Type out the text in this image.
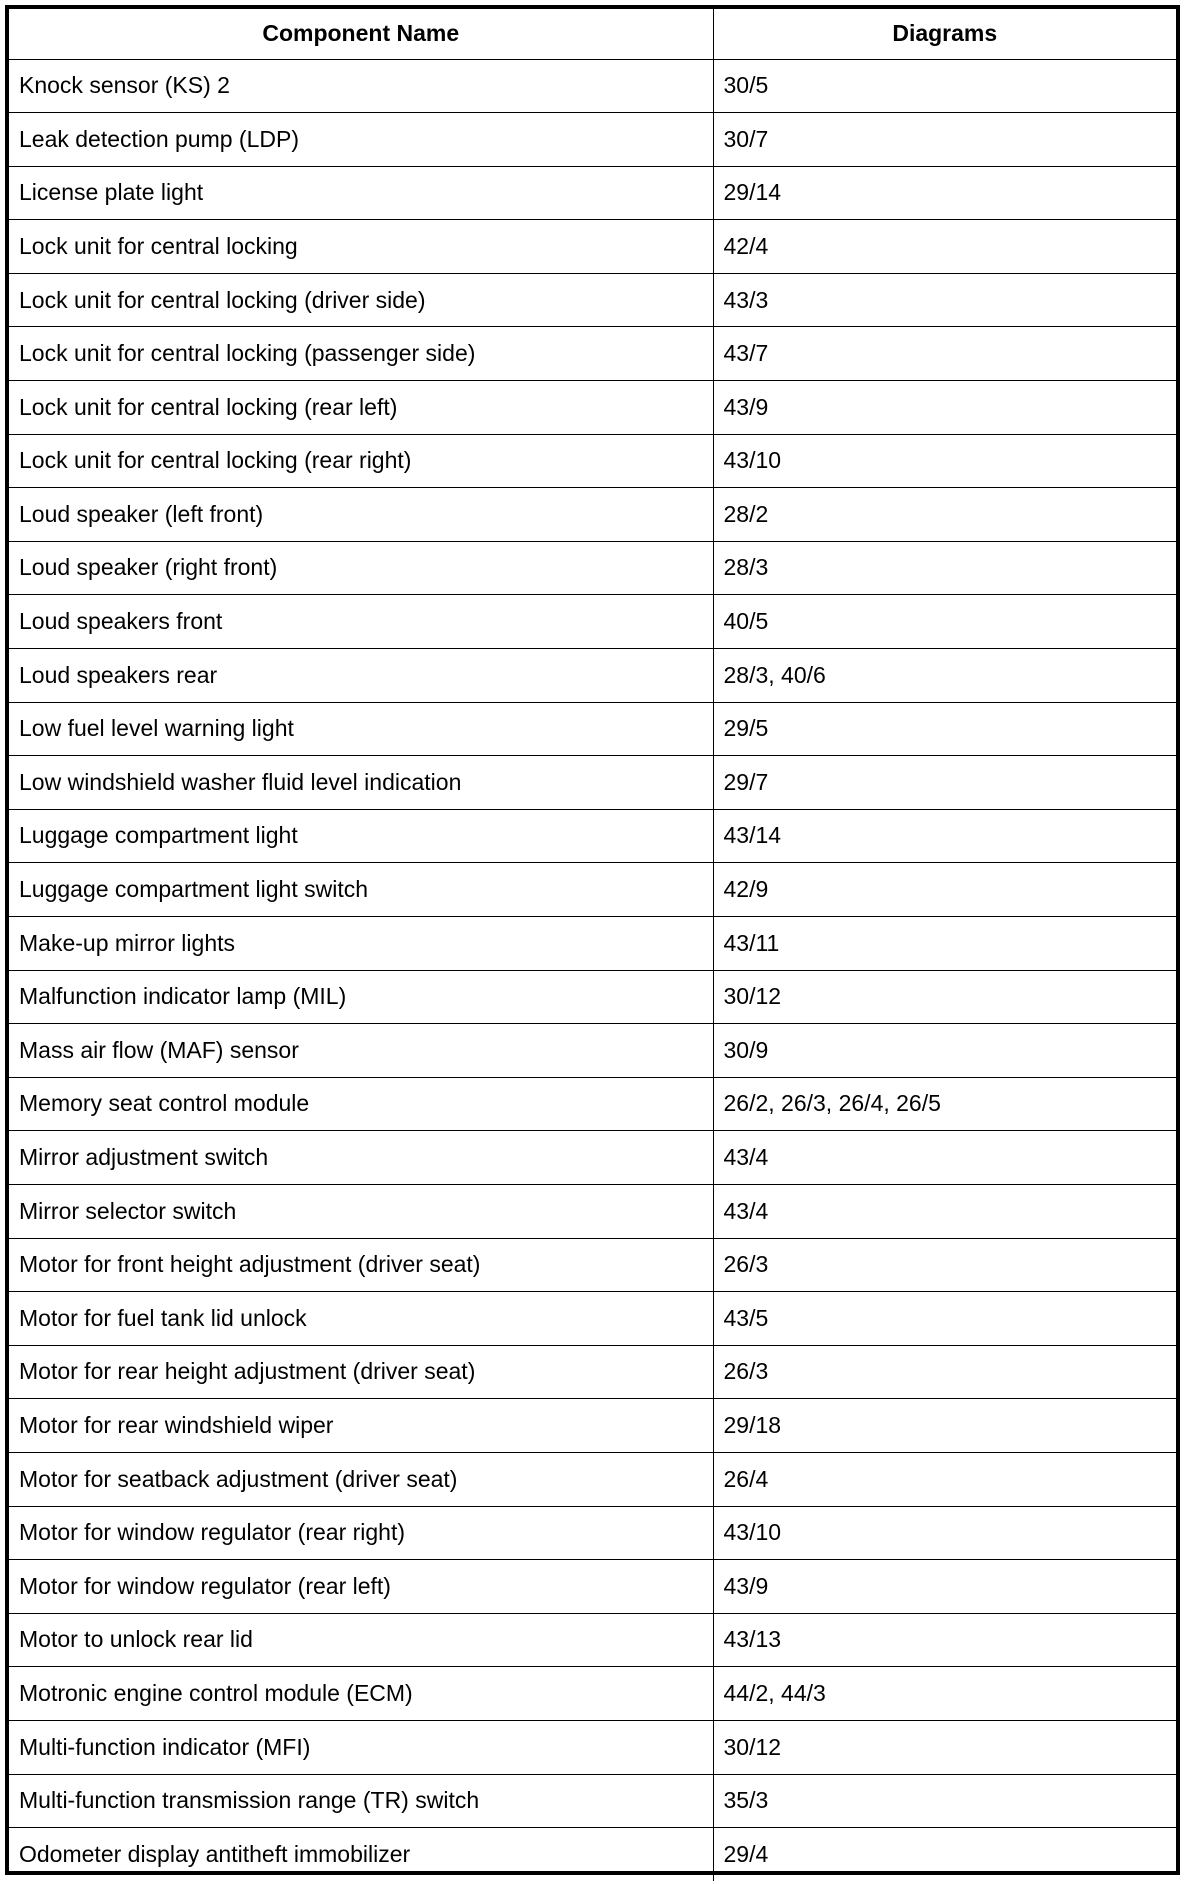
Component Name	Diagrams
Knock sensor (KS) 2	30/5
Leak detection pump (LDP)	30/7
License plate light	29/14
Lock unit for central locking	42/4
Lock unit for central locking (driver side)	43/3
Lock unit for central locking (passenger side)	43/7
Lock unit for central locking (rear left)	43/9
Lock unit for central locking (rear right)	43/10
Loud speaker (left front)	28/2
Loud speaker (right front)	28/3
Loud speakers front	40/5
Loud speakers rear	28/3, 40/6
Low fuel level warning light	29/5
Low windshield washer fluid level indication	29/7
Luggage compartment light	43/14
Luggage compartment light switch	42/9
Make-up mirror lights	43/11
Malfunction indicator lamp (MIL)	30/12
Mass air flow (MAF) sensor	30/9
Memory seat control module	26/2, 26/3, 26/4, 26/5
Mirror adjustment switch	43/4
Mirror selector switch	43/4
Motor for front height adjustment (driver seat)	26/3
Motor for fuel tank lid unlock	43/5
Motor for rear height adjustment (driver seat)	26/3
Motor for rear windshield wiper	29/18
Motor for seatback adjustment (driver seat)	26/4
Motor for window regulator (rear right)	43/10
Motor for window regulator (rear left)	43/9
Motor to unlock rear lid	43/13
Motronic engine control module (ECM)	44/2, 44/3
Multi-function indicator (MFI)	30/12
Multi-function transmission range (TR) switch	35/3
Odometer display antitheft immobilizer	29/4
